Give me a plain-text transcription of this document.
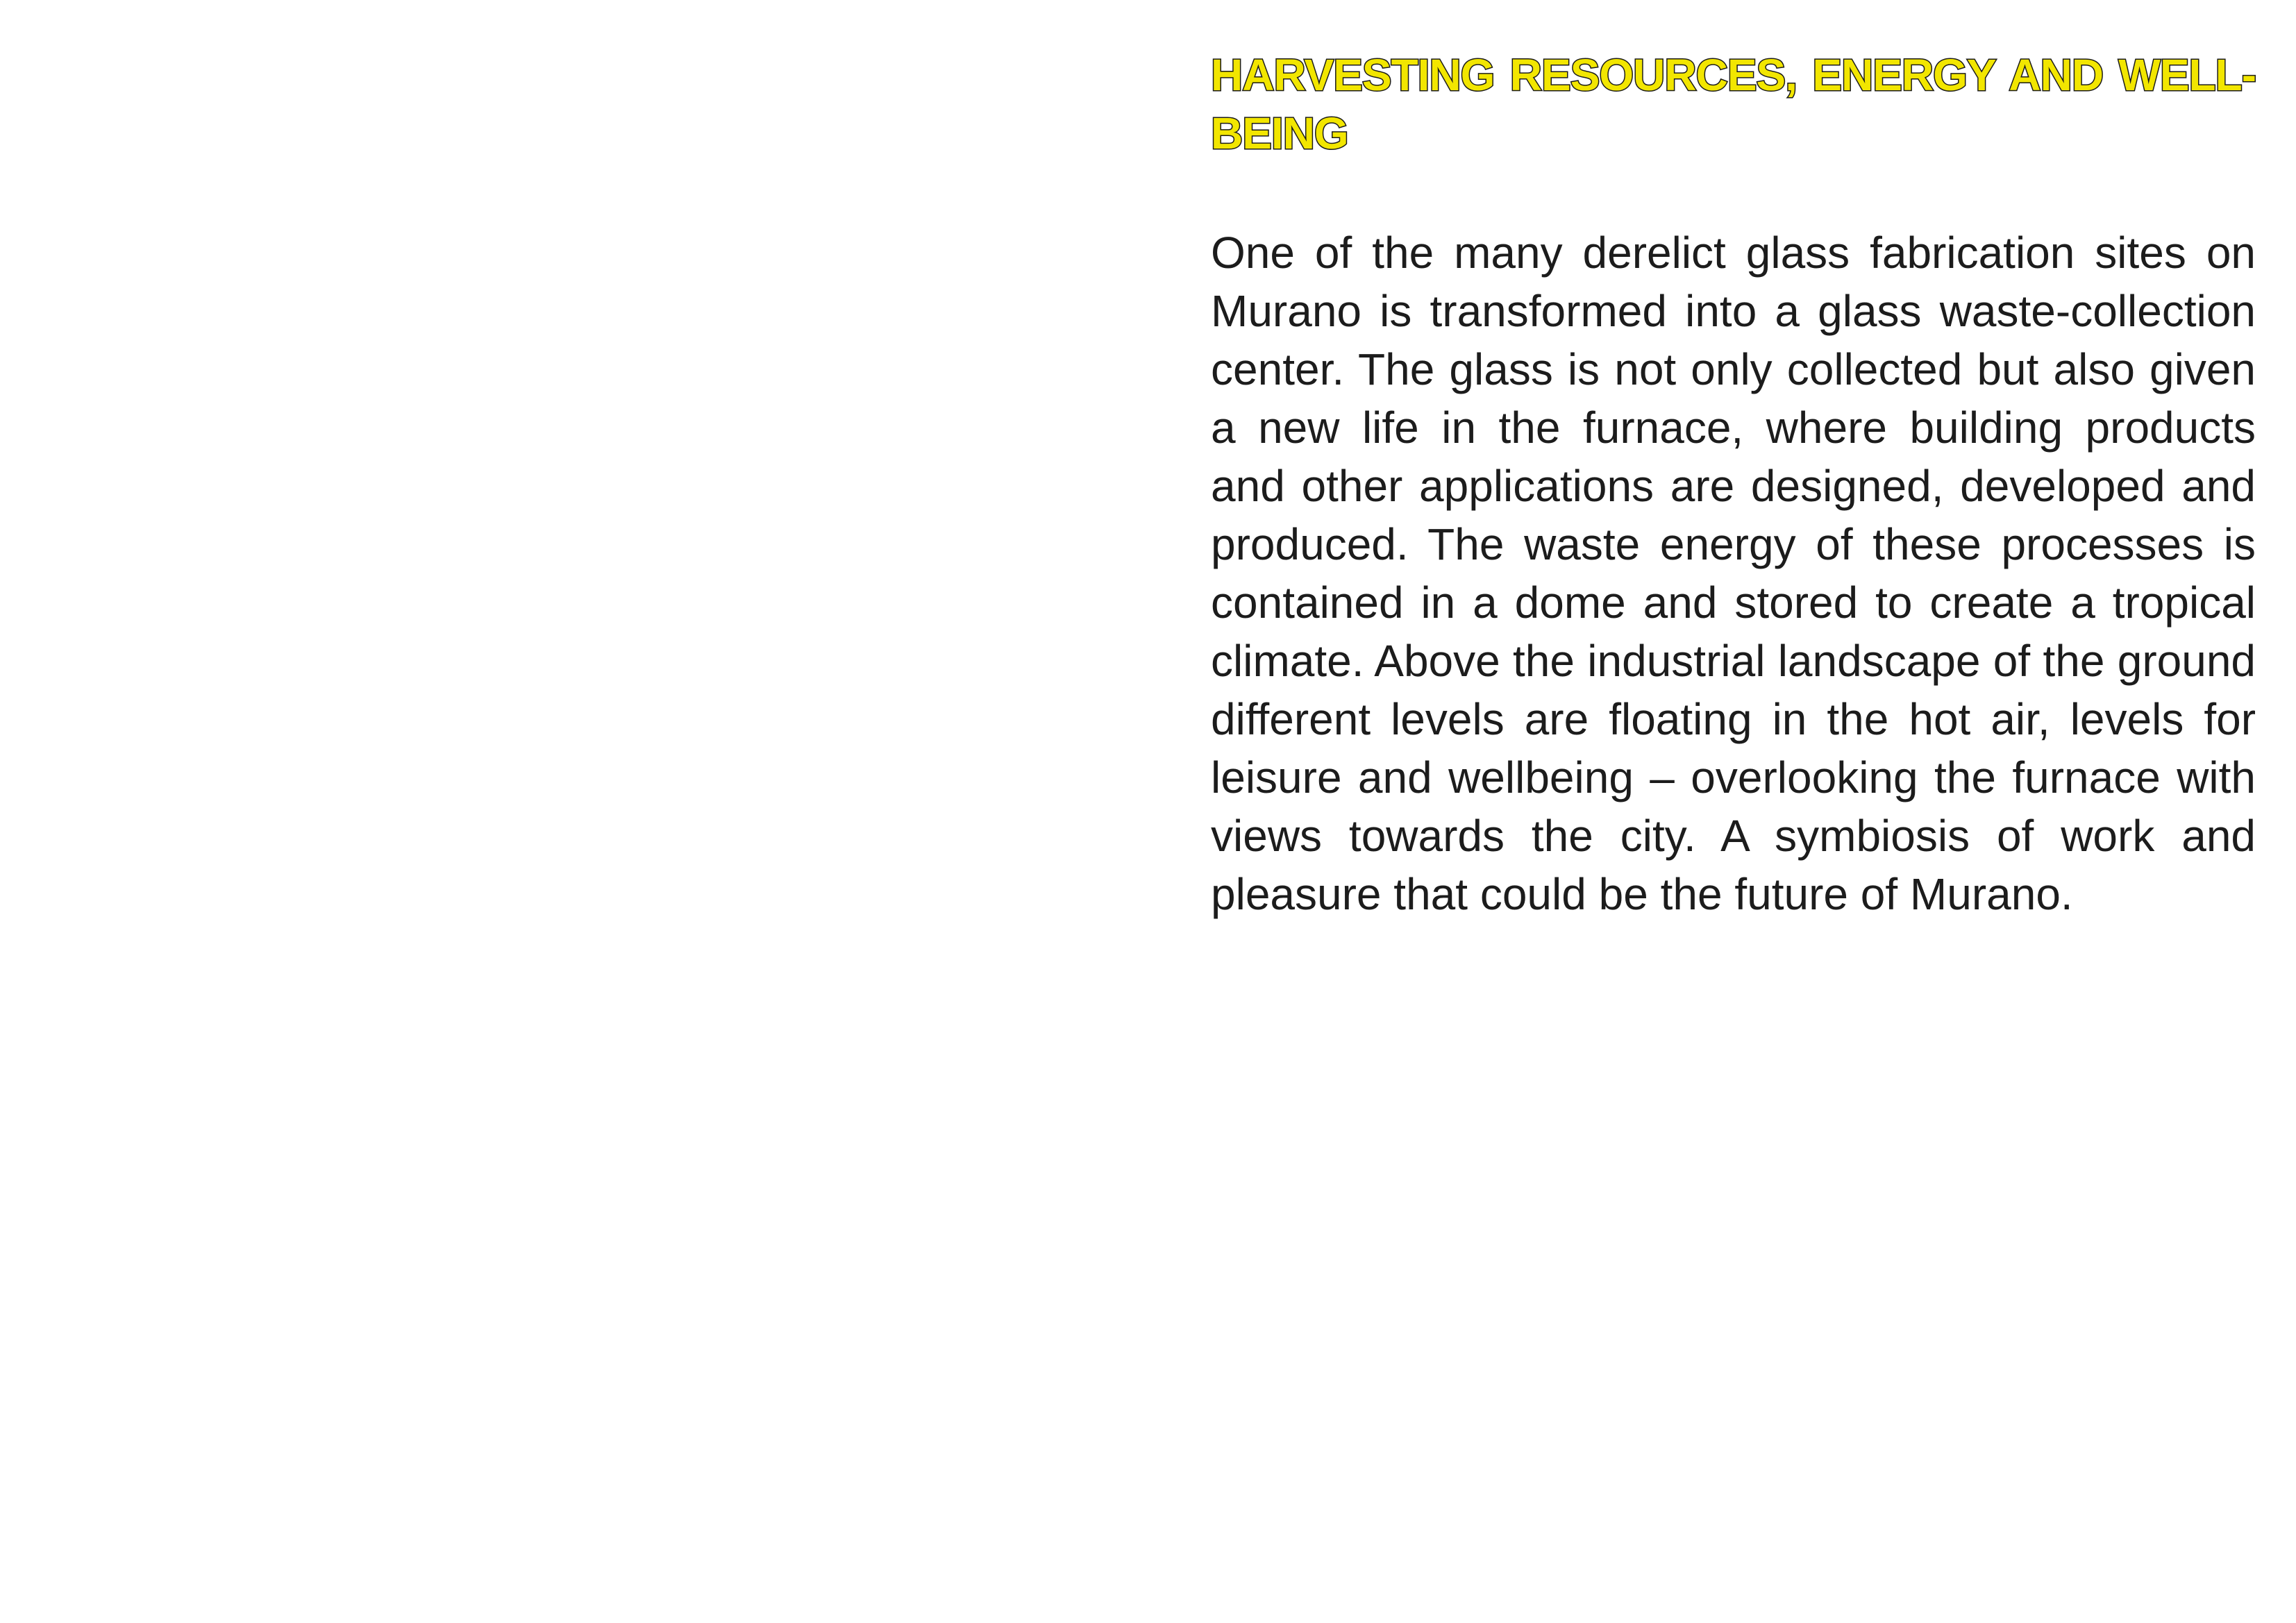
HARVESTING RESOURCES, ENERGY AND WELL-BEING

One of the many derelict glass fabrication sites on Murano is transformed into a glass waste-collection center. The glass is not only collected but also given a new life in the furnace, where building products and other applications are designed, developed and produced. The waste energy of these processes is contained in a dome and stored to create a tropical climate. Above the industrial landscape of the ground different levels are floating in the hot air, levels for leisure and wellbeing – overlooking the furnace with views towards the city. A symbiosis of work and pleasure that could be the future of Murano.
